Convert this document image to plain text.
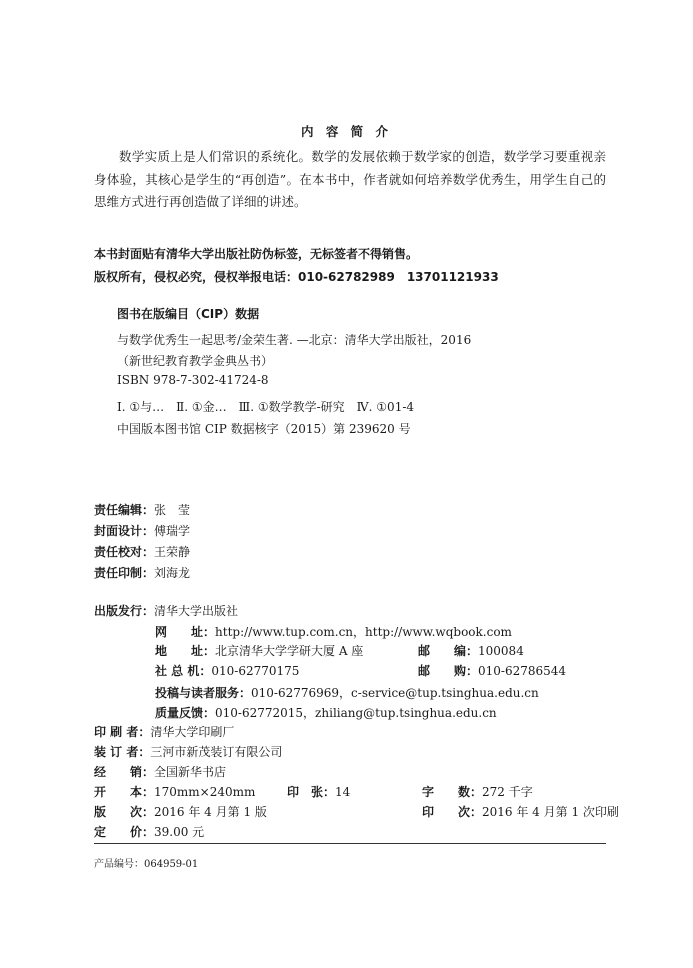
内 容 简 介
数学实质上是人们常识的系统化。数学的发展依赖于数学家的创造，数学学习要重视亲身体验，其核心是学生的“再创造”。在本书中，作者就如何培养数学优秀生，用学生自己的思维方式进行再创造做了详细的讲述。
本书封面贴有清华大学出版社防伪标签，无标签者不得销售。
版权所有，侵权必究，侵权举报电话：010-62782989　13701121933
图书在版编目（CIP）数据
与数学优秀生一起思考/金荣生著. —北京：清华大学出版社，2016
（新世纪教育教学金典丛书）
ISBN 978-7-302-41724-8
Ⅰ. ①与…　Ⅱ. ①金…　Ⅲ. ①数学教学-研究　Ⅳ. ①01-4
中国版本图书馆 CIP 数据核字（2015）第 239620 号
责任编辑：张　莹
封面设计：傅瑞学
责任校对：王荣静
责任印制：刘海龙
出版发行：清华大学出版社
网　　址：http://www.tup.com.cn，http://www.wqbook.com
地　　址：北京清华大学学研大厦 A 座	邮　　编：100084
社 总 机：010-62770175	邮　　购：010-62786544
投稿与读者服务：010-62776969，c-service@tup.tsinghua.edu.cn
质量反馈：010-62772015，zhiliang@tup.tsinghua.edu.cn
印 刷 者：清华大学印刷厂
装 订 者：三河市新茂装订有限公司
经　　销：全国新华书店
开　　本：170mm×240mm	印　张：14	字　　数：272 千字
版　　次：2016 年 4 月第 1 版	印　　次：2016 年 4 月第 1 次印刷
定　　价：39.00 元
产品编号：064959-01
